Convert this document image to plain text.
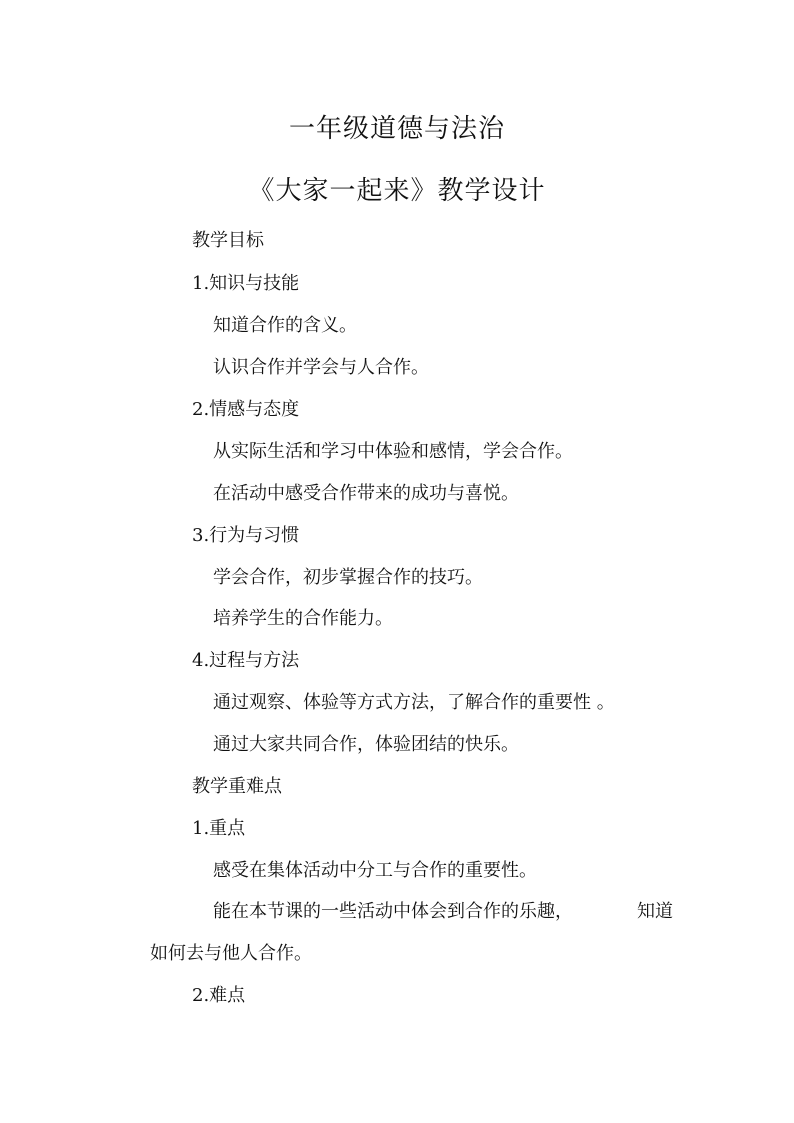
一年级道德与法治
《大家一起来》教学设计
教学目标
1.知识与技能
知道合作的含义。
认识合作并学会与人合作。
2.情感与态度
从实际生活和学习中体验和感情，学会合作。
在活动中感受合作带来的成功与喜悦。
3.行为与习惯
学会合作，初步掌握合作的技巧。
培养学生的合作能力。
4.过程与方法
通过观察、体验等方式方法，了解合作的重要性 。
通过大家共同合作，体验团结的快乐。
教学重难点
1.重点
感受在集体活动中分工与合作的重要性。
能在本节课的一些活动中体会到合作的乐趣，	知道
如何去与他人合作。
2.难点
